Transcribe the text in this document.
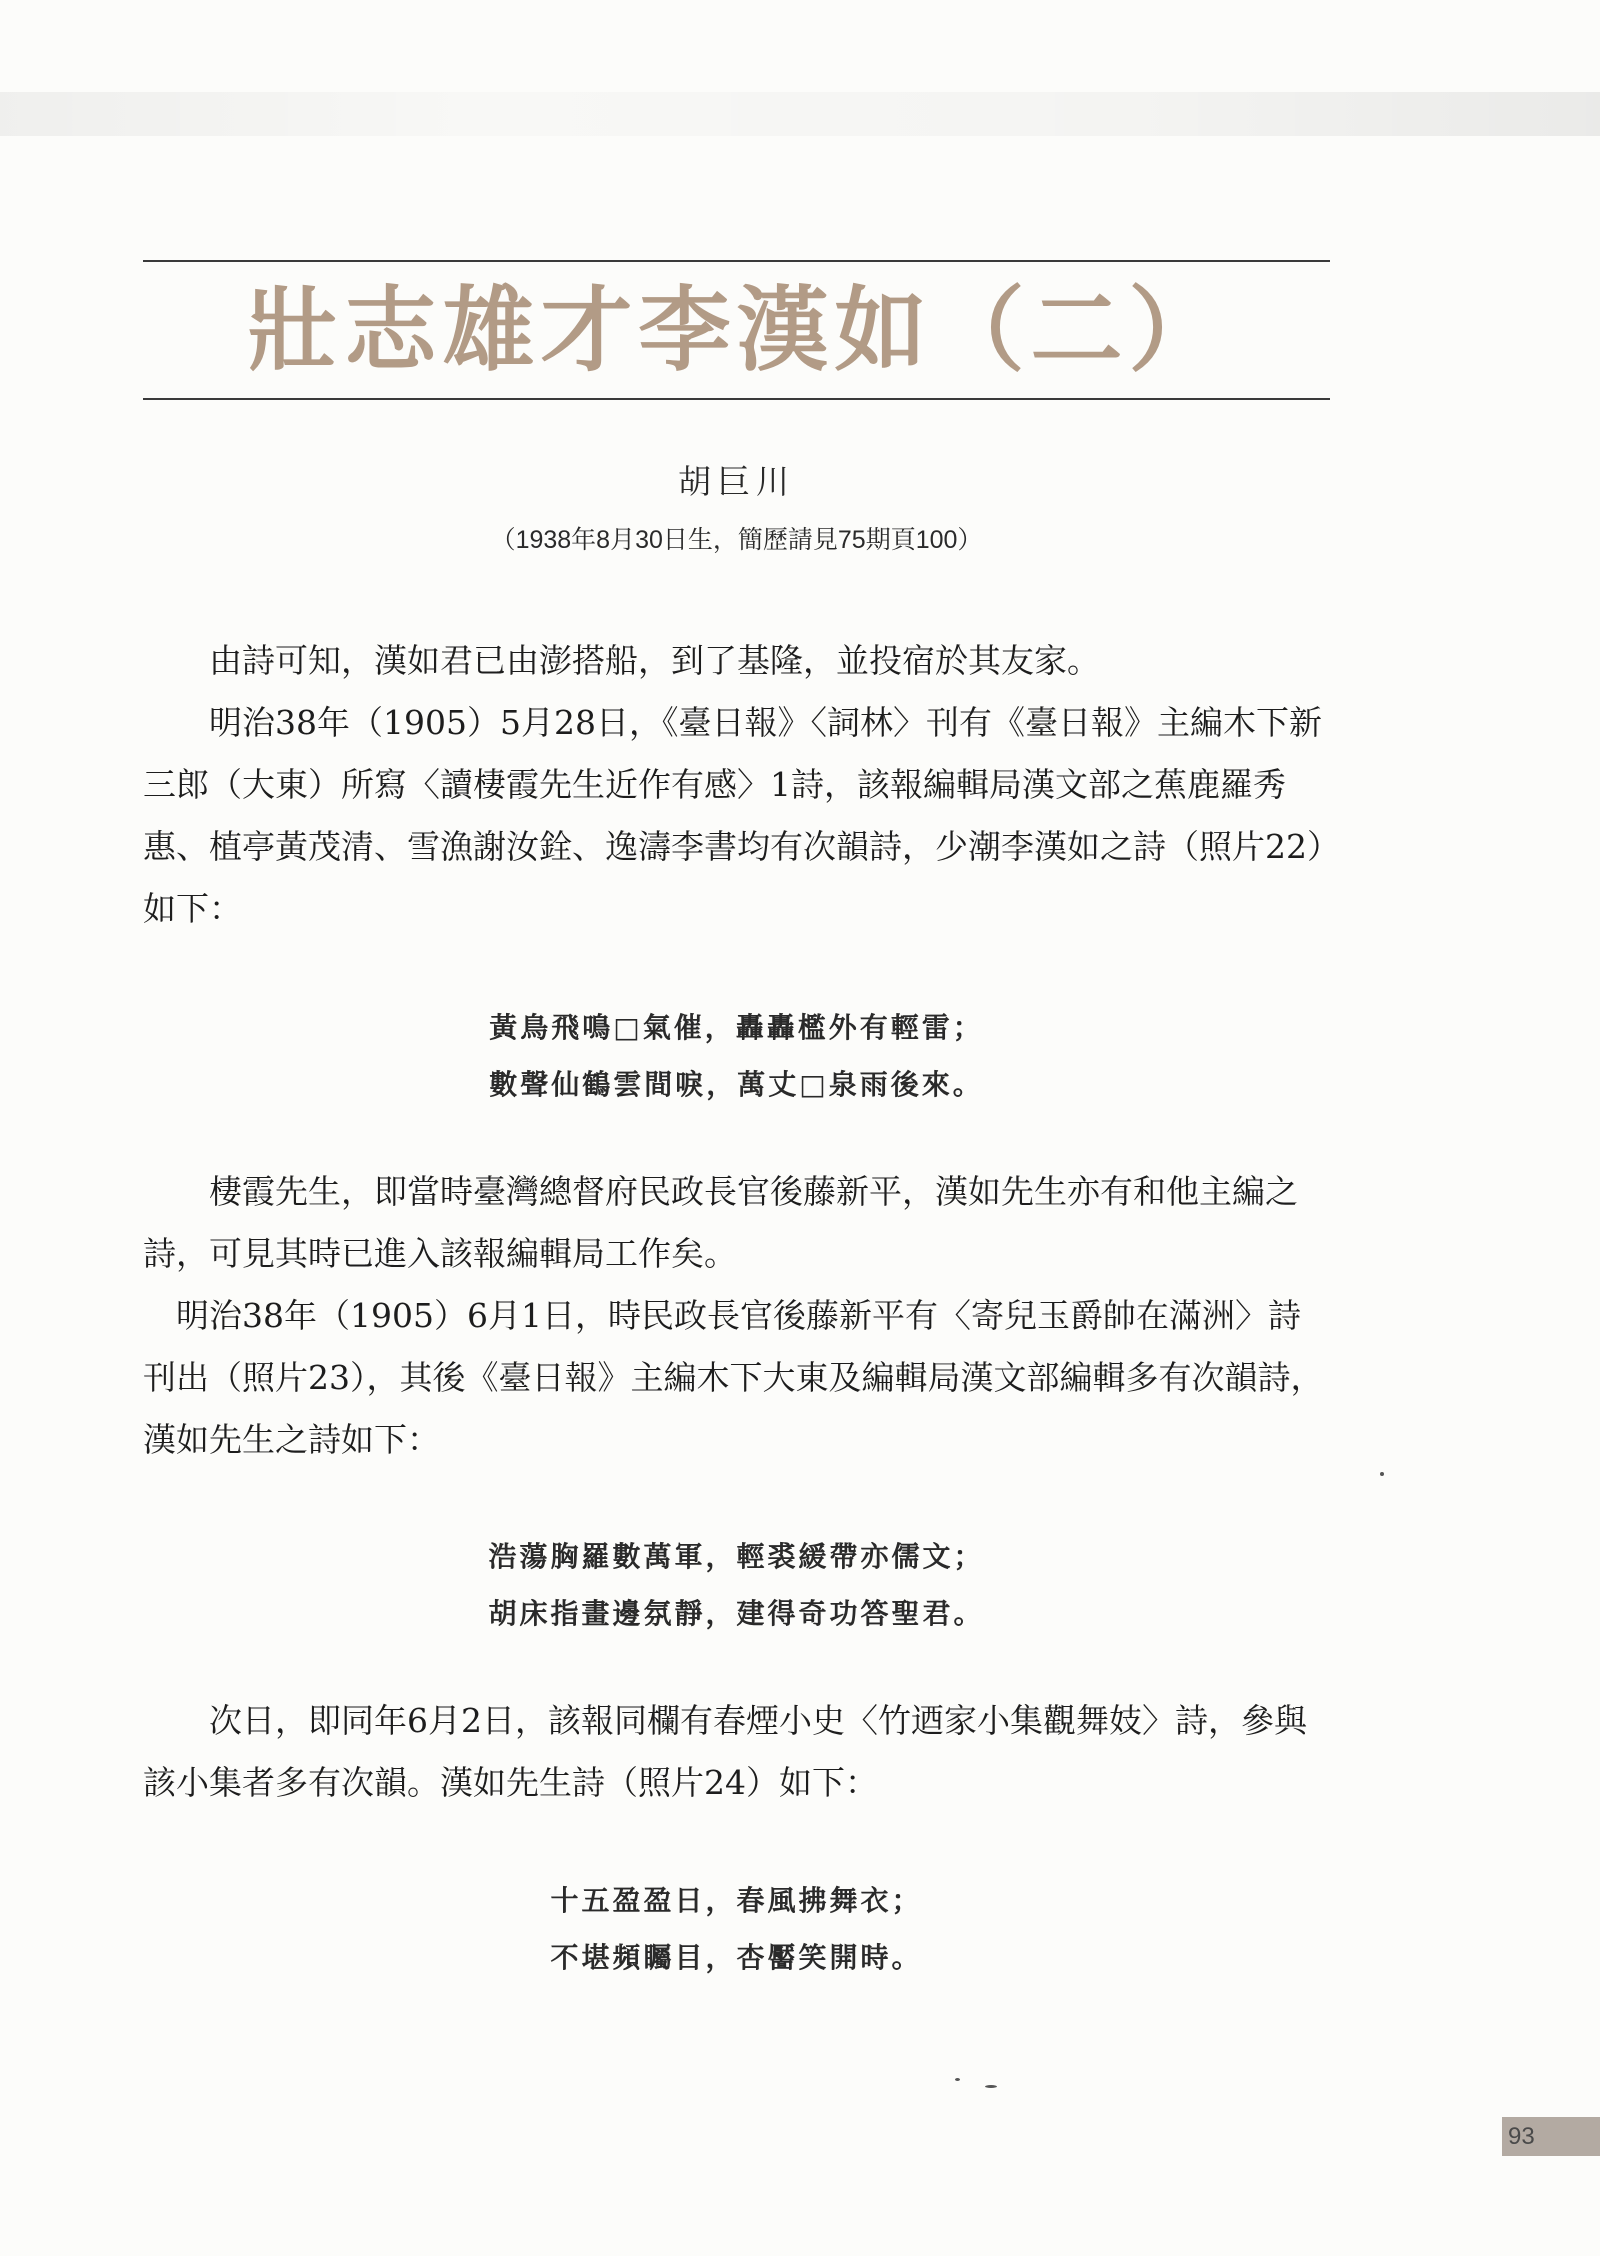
壯志雄才李漢如（二）
胡巨川
（1938年8月30日生，簡歷請見75期頁100）

由詩可知，漢如君已由澎搭船，到了基隆，並投宿於其友家。

明治38年（1905）5月28日，《臺日報》〈詞林〉刊有《臺日報》主編木下新三郎（大東）所寫〈讀棲霞先生近作有感〉1詩，該報編輯局漢文部之蕉鹿羅秀惠、植亭黃茂清、雪漁謝汝銓、逸濤李書均有次韻詩，少潮李漢如之詩（照片22）如下：

黃鳥飛鳴□氣催，轟轟檻外有輕雷；
數聲仙鶴雲間唳，萬丈□泉雨後來。

棲霞先生，即當時臺灣總督府民政長官後藤新平，漢如先生亦有和他主編之詩，可見其時已進入該報編輯局工作矣。

明治38年（1905）6月1日，時民政長官後藤新平有〈寄兒玉爵帥在滿洲〉詩刊出（照片23），其後《臺日報》主編木下大東及編輯局漢文部編輯多有次韻詩，漢如先生之詩如下：

浩蕩胸羅數萬軍，輕裘緩帶亦儒文；
胡床指畫邊氛靜，建得奇功答聖君。

次日，即同年6月2日，該報同欄有春煙小史〈竹迺家小集觀舞妓〉詩，參與該小集者多有次韻。漢如先生詩（照片24）如下：

十五盈盈日，春風拂舞衣；
不堪頻矚目，杏靨笑開時。
93
